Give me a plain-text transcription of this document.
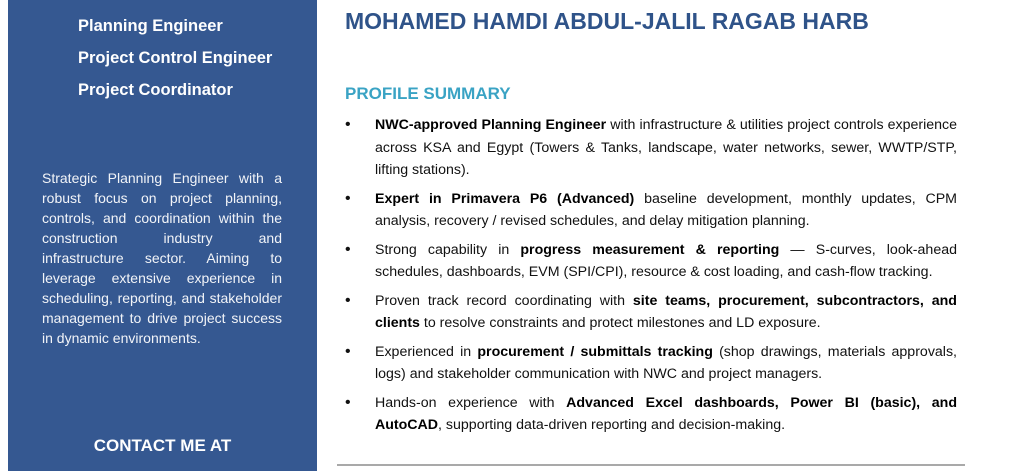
Planning Engineer
Project Control Engineer
Project Coordinator
Strategic Planning Engineer with a robust focus on project planning, controls, and coordination within the construction industry and infrastructure sector. Aiming to leverage extensive experience in scheduling, reporting, and stakeholder management to drive project success in dynamic environments.
CONTACT ME AT
MOHAMED HAMDI ABDUL-JALIL RAGAB HARB
PROFILE SUMMARY
• NWC-approved Planning Engineer with infrastructure & utilities project controls experience across KSA and Egypt (Towers & Tanks, landscape, water networks, sewer, WWTP/STP, lifting stations).
• Expert in Primavera P6 (Advanced) baseline development, monthly updates, CPM analysis, recovery / revised schedules, and delay mitigation planning.
• Strong capability in progress measurement & reporting — S-curves, look-ahead schedules, dashboards, EVM (SPI/CPI), resource & cost loading, and cash-flow tracking.
• Proven track record coordinating with site teams, procurement, subcontractors, and clients to resolve constraints and protect milestones and LD exposure.
• Experienced in procurement / submittals tracking (shop drawings, materials approvals, logs) and stakeholder communication with NWC and project managers.
• Hands-on experience with Advanced Excel dashboards, Power BI (basic), and AutoCAD, supporting data-driven reporting and decision-making.
